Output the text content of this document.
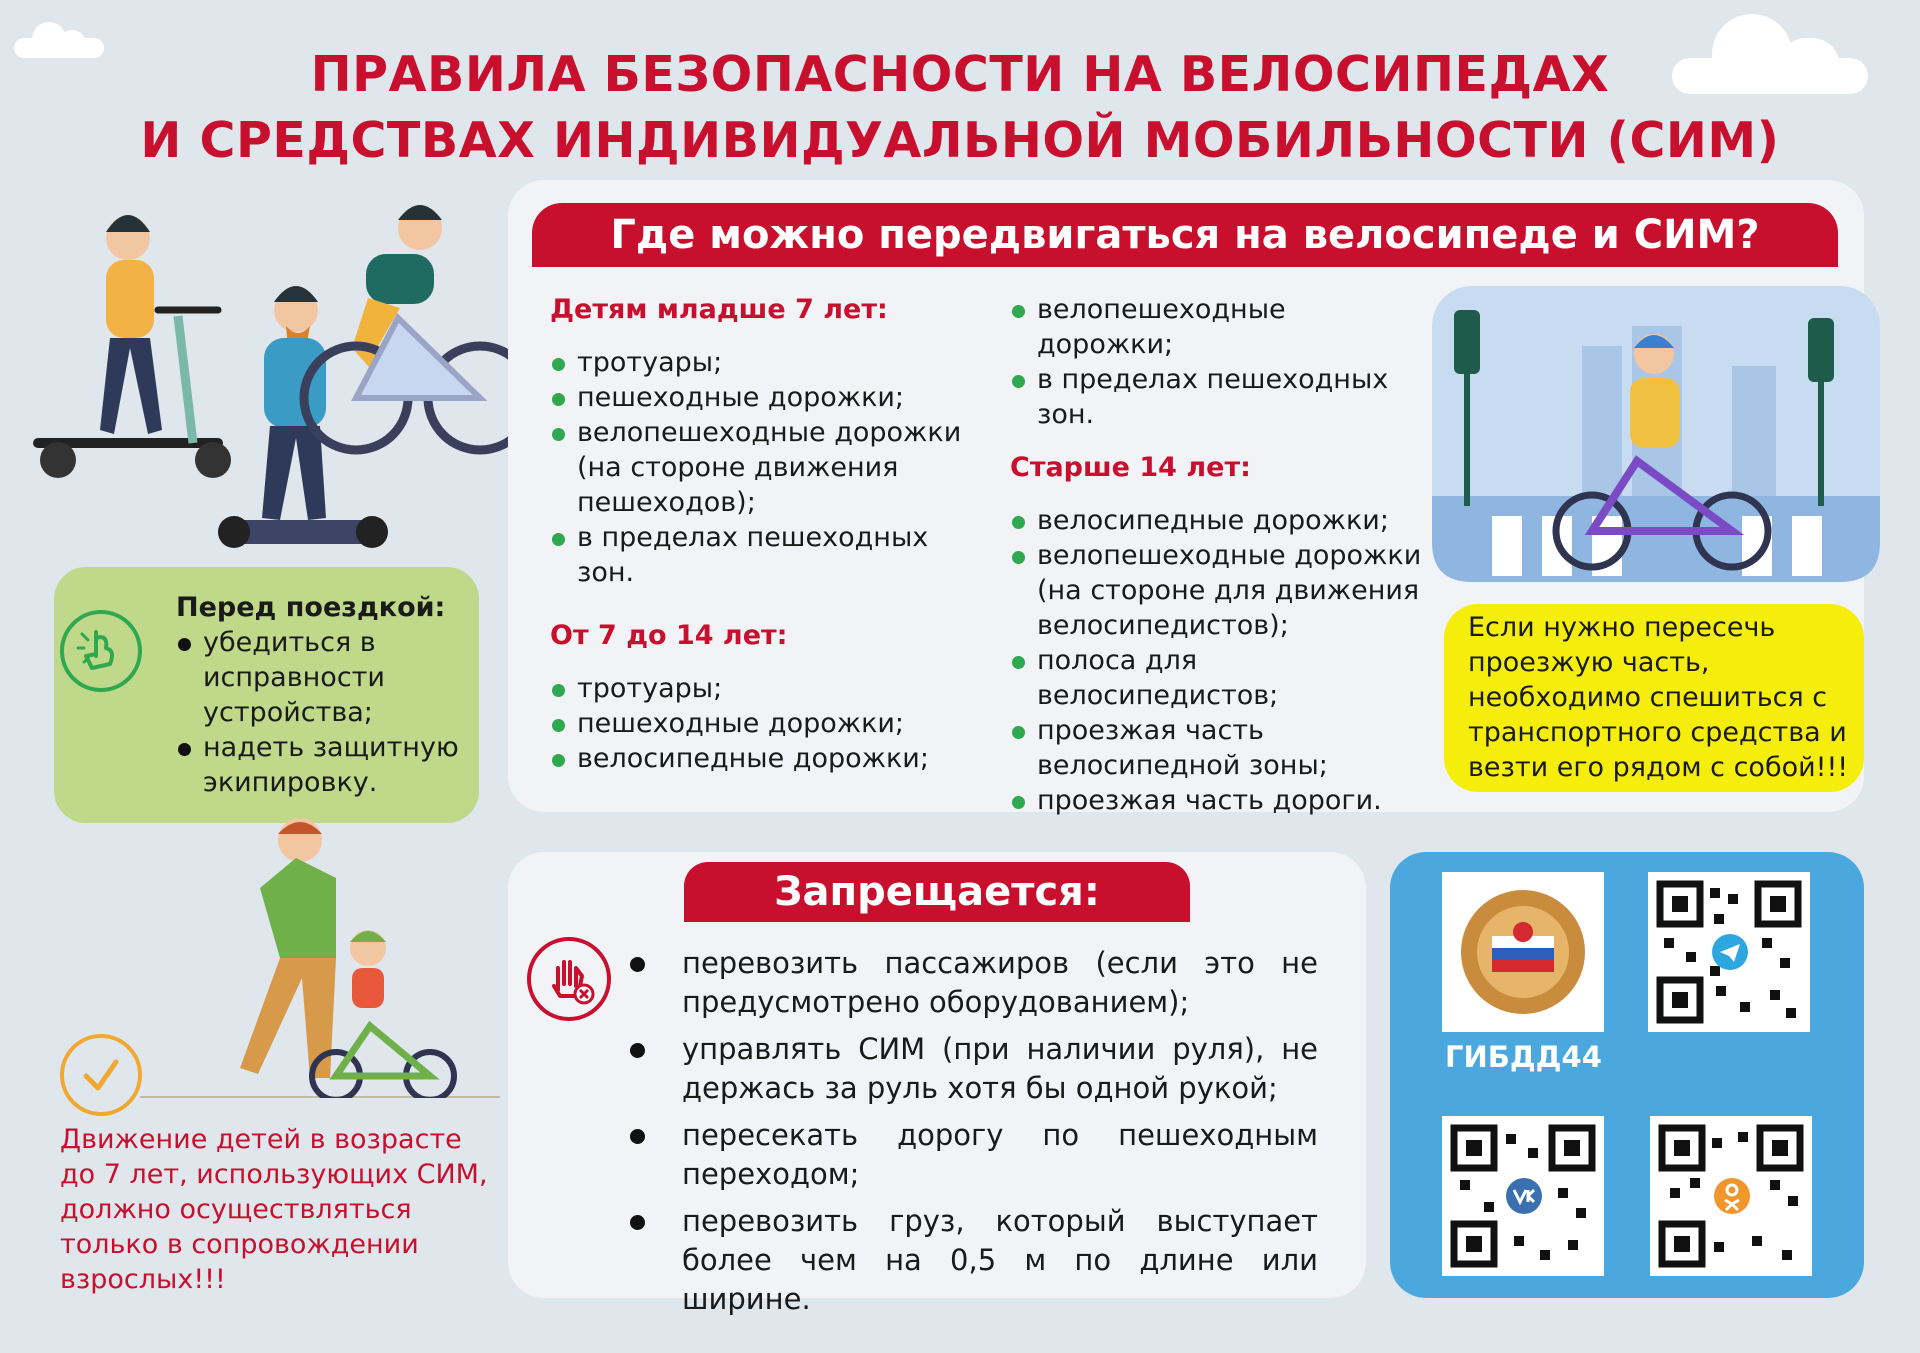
ПРАВИЛА БЕЗОПАСНОСТИ НА ВЕЛОСИПЕДАХ
И СРЕДСТВАХ ИНДИВИДУАЛЬНОЙ МОБИЛЬНОСТИ (СИМ)
Перед поездкой:
убедиться в исправности устройства;
надеть защитную экипировку.
Где можно передвигаться на велосипеде и СИМ?
Детям младше 7 лет:
тротуары;
пешеходные дорожки;
велопешеходные дорожки (на стороне движения пешеходов);
в пределах пешеходных зон.
От 7 до 14 лет:
тротуары;
пешеходные дорожки;
велосипедные дорожки;
велопешеходные дорожки;
в пределах пешеходных зон.
Старше 14 лет:
велосипедные дорожки;
велопешеходные дорожки (на стороне для движения велосипедистов);
полоса для велосипедистов;
проезжая часть велосипедной зоны;
проезжая часть дороги.
Если нужно пересечь проезжую часть, необходимо спешиться с транспортного средства и везти его рядом с собой!!!
Движение детей в возрасте до 7 лет, использующих СИМ, должно осуществляться только в сопровождении взрослых!!!
Запрещается:
перевозить пассажиров (если это не предусмотрено оборудованием);
управлять СИМ (при наличии руля), не держась за руль хотя бы одной рукой;
пересекать дорогу по пешеходным переходом;
перевозить груз, который выступает более чем на 0,5 м по длине или ширине.
ГИБДД44
